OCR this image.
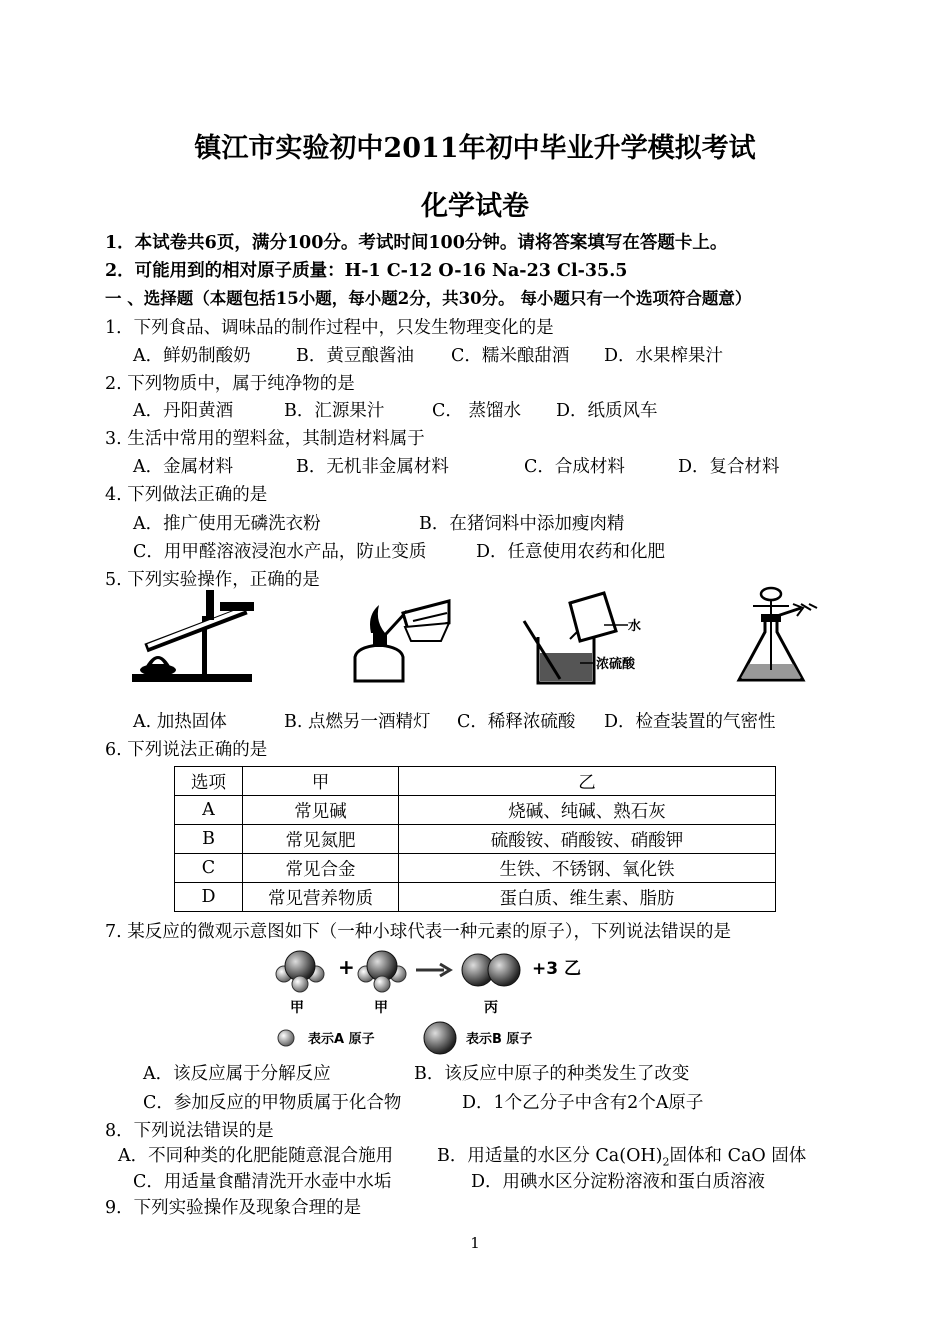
镇江市实验初中2011年初中毕业升学模拟考试
化学试卷
1．本试卷共6页，满分100分。考试时间100分钟。请将答案填写在答题卡上。
2．可能用到的相对原子质量：H-1 C-12 O-16 Na-23 Cl-35.5
一 、选择题（本题包括15小题，每小题2分，共30分。 每小题只有一个选项符合题意）
1．下列食品、调味品的制作过程中，只发生物理变化的是
A．鲜奶制酸奶	B．黄豆酿酱油 C．糯米酿甜酒 D．水果榨果汁
2. 下列物质中，属于纯净物的是
A．丹阳黄酒	B．汇源果汁	C． 蒸馏水 D．纸质风车
3. 生活中常用的塑料盆，其制造材料属于
A．金属材料	B．无机非金属材料	C．合成材料	D．复合材料
4. 下列做法正确的是
A．推广使用无磷洗衣粉	B．在猪饲料中添加瘦肉精
C．用甲醛溶液浸泡水产品，防止变质	D．任意使用农药和化肥
5. 下列实验操作，正确的是
水
浓硫酸
A. 加热固体	B. 点燃另一酒精灯 C．稀释浓硫酸 D．检查装置的气密性
6. 下列说法正确的是
选项	甲	乙
A	常见碱	烧碱、纯碱、熟石灰
B	常见氮肥	硫酸铵、硝酸铵、硝酸钾
C	常见合金	生铁、不锈钢、氧化铁
D	常见营养物质	蛋白质、维生素、脂肪
7. 某反应的微观示意图如下（一种小球代表一种元素的原子），下列说法错误的是
+	+3 乙
甲	甲	丙
表示A 原子	表示B 原子
A．该反应属于分解反应	B．该反应中原子的种类发生了改变
C．参加反应的甲物质属于化合物	D．1个乙分子中含有2个A原子
8．下列说法错误的是
A．不同种类的化肥能随意混合施用	B．用适量的水区分 $Ca(OH)_2$固体和 CaO 固体
C．用适量食醋清洗开水壶中水垢	D．用碘水区分淀粉溶液和蛋白质溶液
9．下列实验操作及现象合理的是
1
